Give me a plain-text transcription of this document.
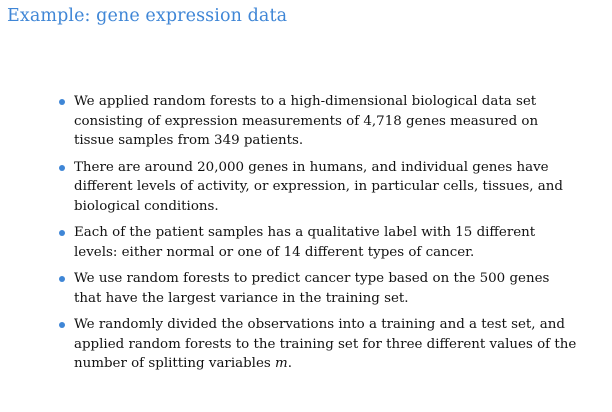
Example: gene expression data
We applied random forests to a high-dimensional biological data set consisting of expression measurements of 4,718 genes measured on tissue samples from 349 patients.
There are around 20,000 genes in humans, and individual genes have different levels of activity, or expression, in particular cells, tissues, and biological conditions.
Each of the patient samples has a qualitative label with 15 different levels: either normal or one of 14 different types of cancer.
We use random forests to predict cancer type based on the 500 genes that have the largest variance in the training set.
We randomly divided the observations into a training and a test set, and applied random forests to the training set for three different values of the number of splitting variables m.
